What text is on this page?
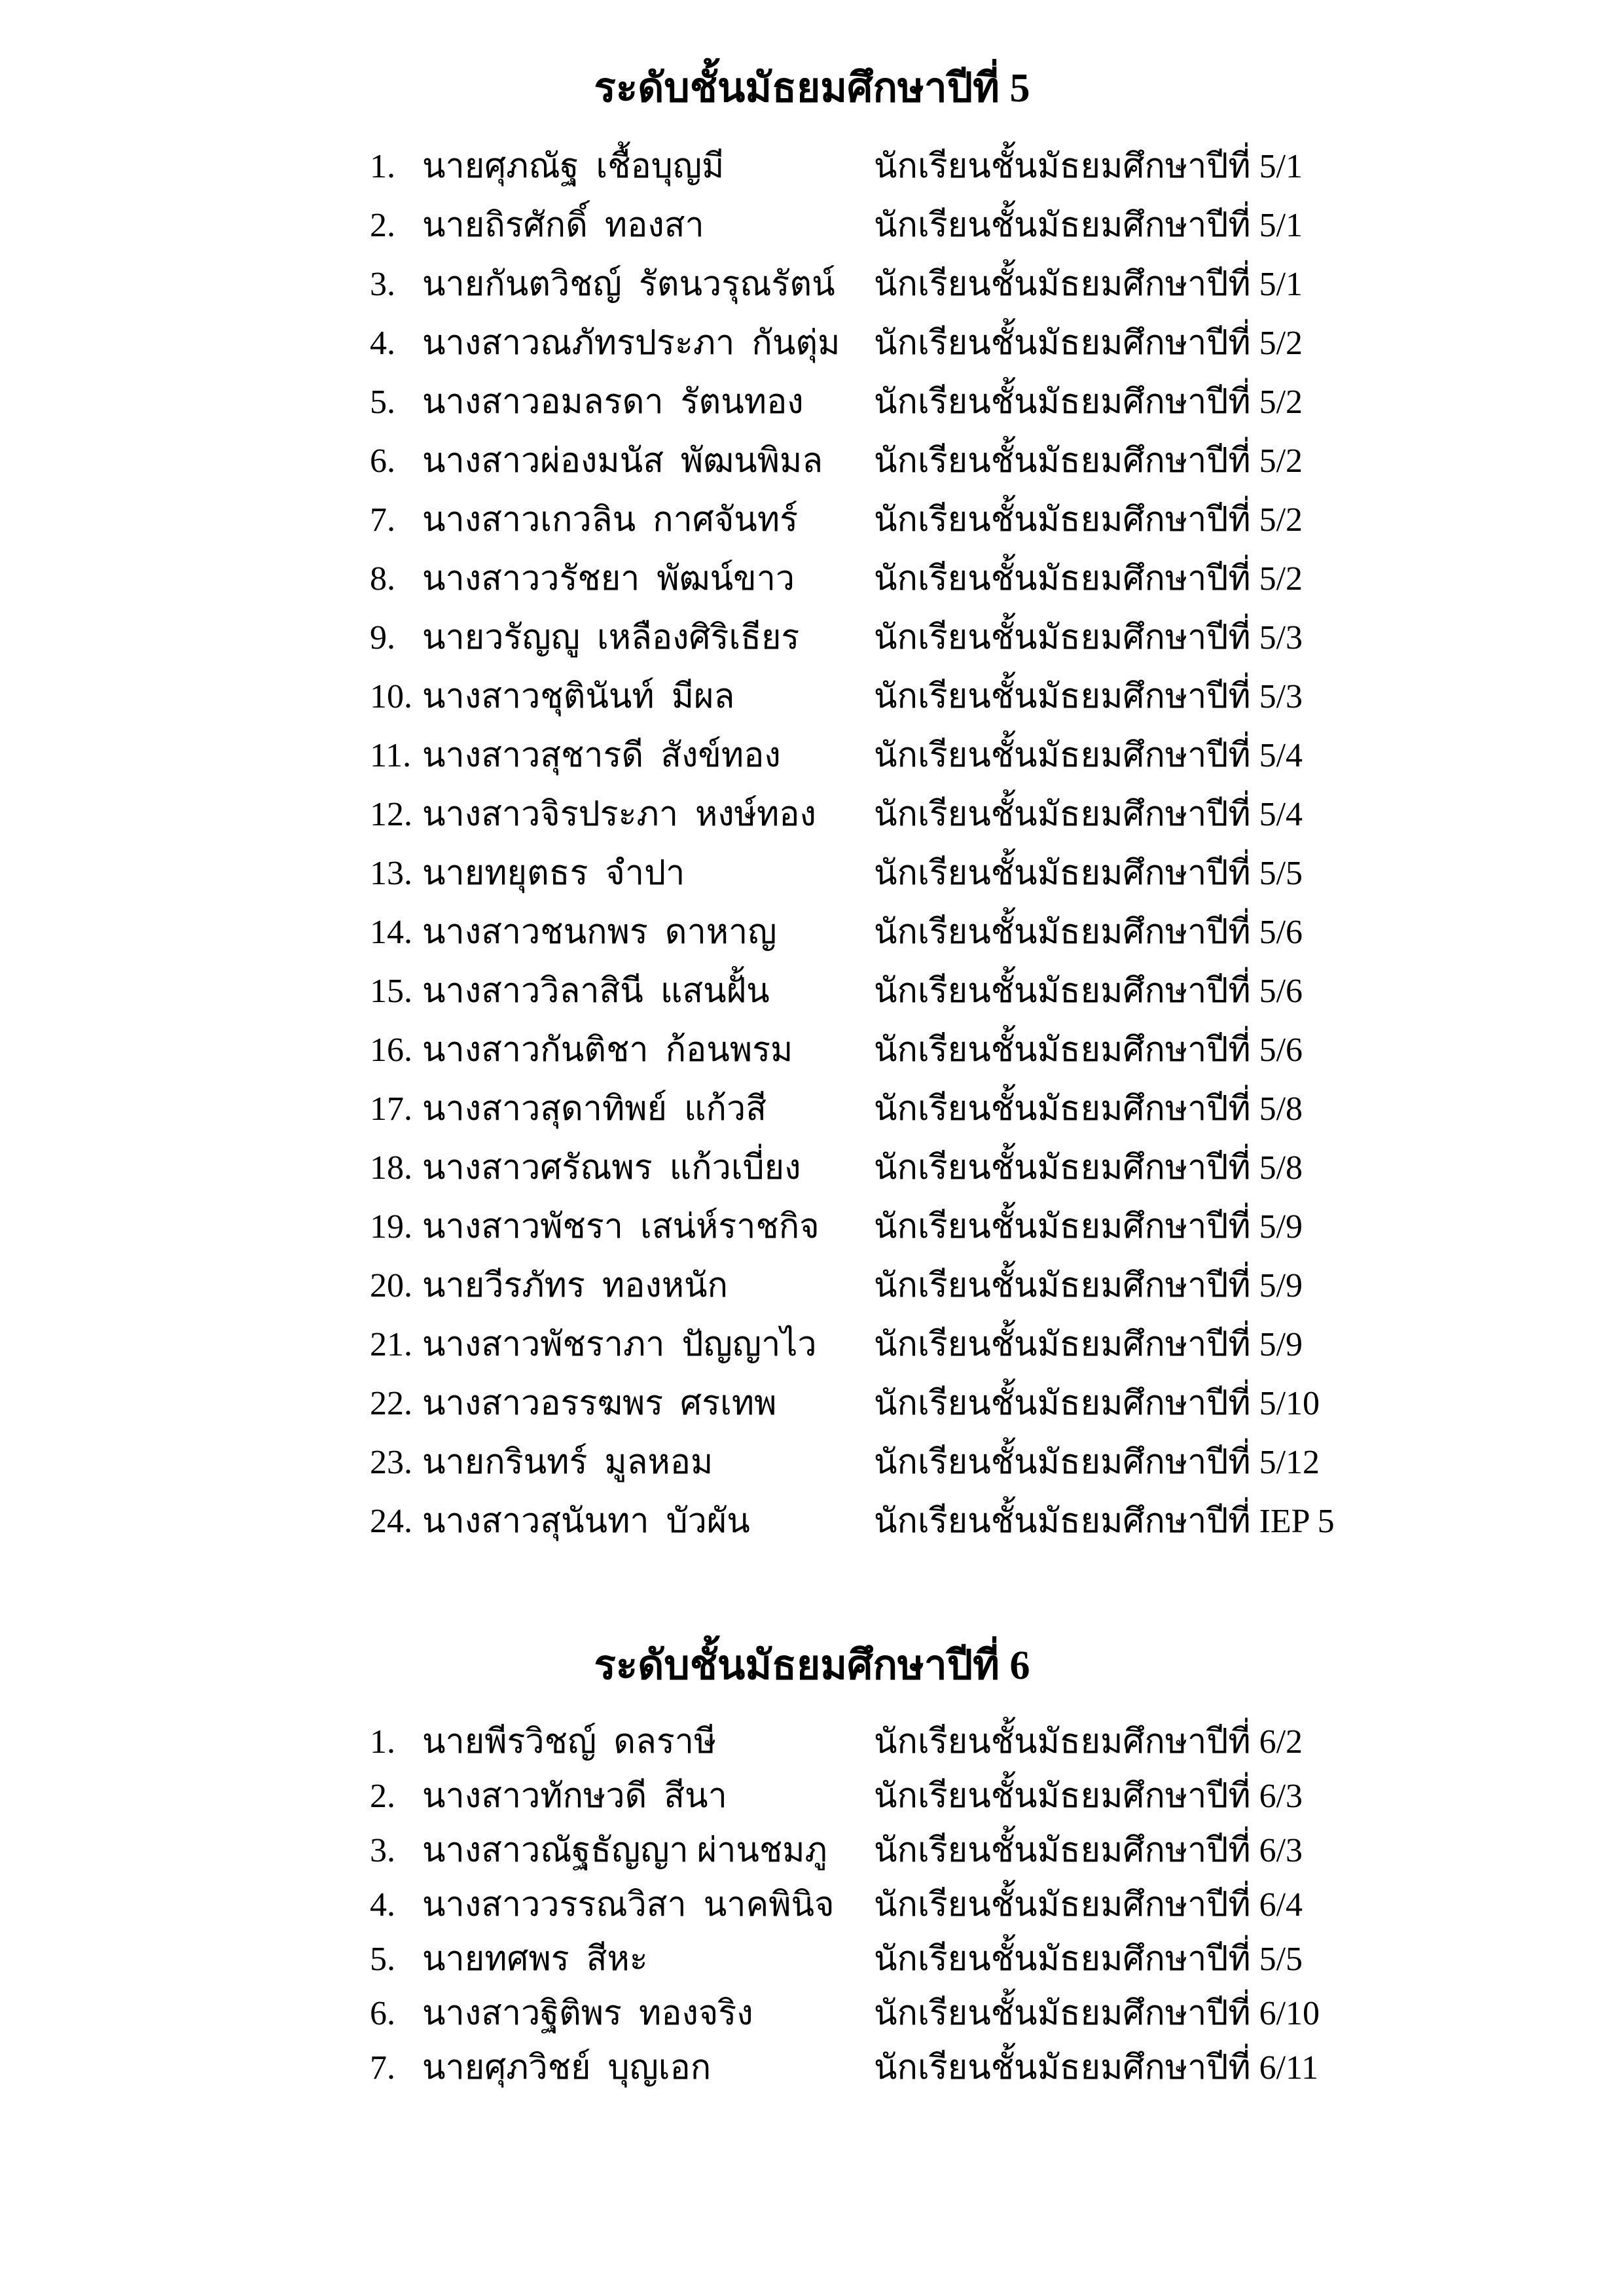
ระดับชั้นมัธยมศึกษาปีที่ 5
1. นายศุภณัฐ  เชื้อบุญมี	นักเรียนชั้นมัธยมศึกษาปีที่ 5/1
2. นายถิรศักดิ์  ทองสา	นักเรียนชั้นมัธยมศึกษาปีที่ 5/1
3. นายกันตวิชญ์  รัตนวรุณรัตน์	นักเรียนชั้นมัธยมศึกษาปีที่ 5/1
4. นางสาวณภัทรประภา  กันตุ่ม นักเรียนชั้นมัธยมศึกษาปีที่ 5/2
5. นางสาวอมลรดา  รัตนทอง	นักเรียนชั้นมัธยมศึกษาปีที่ 5/2
6. นางสาวผ่องมนัส  พัฒนพิมล	นักเรียนชั้นมัธยมศึกษาปีที่ 5/2
7. นางสาวเกวลิน  กาศจันทร์	นักเรียนชั้นมัธยมศึกษาปีที่ 5/2
8. นางสาววรัชยา  พัฒน์ขาว	นักเรียนชั้นมัธยมศึกษาปีที่ 5/2
9. นายวรัญญู  เหลืองศิริเธียร	นักเรียนชั้นมัธยมศึกษาปีที่ 5/3
10. นางสาวชุตินันท์  มีผล	นักเรียนชั้นมัธยมศึกษาปีที่ 5/3
11. นางสาวสุชารดี  สังข์ทอง	นักเรียนชั้นมัธยมศึกษาปีที่ 5/4
12. นางสาวจิรประภา  หงษ์ทอง	นักเรียนชั้นมัธยมศึกษาปีที่ 5/4
13. นายทยุตธร  จำปา	นักเรียนชั้นมัธยมศึกษาปีที่ 5/5
14. นางสาวชนกพร  ดาหาญ	นักเรียนชั้นมัธยมศึกษาปีที่ 5/6
15. นางสาววิลาสินี  แสนฝั้น	นักเรียนชั้นมัธยมศึกษาปีที่ 5/6
16. นางสาวกันติชา  ก้อนพรม	นักเรียนชั้นมัธยมศึกษาปีที่ 5/6
17. นางสาวสุดาทิพย์  แก้วสี	นักเรียนชั้นมัธยมศึกษาปีที่ 5/8
18. นางสาวศรัณพร  แก้วเบี่ยง	นักเรียนชั้นมัธยมศึกษาปีที่ 5/8
19. นางสาวพัชรา  เสน่ห์ราชกิจ	นักเรียนชั้นมัธยมศึกษาปีที่ 5/9
20. นายวีรภัทร  ทองหนัก	นักเรียนชั้นมัธยมศึกษาปีที่ 5/9
21. นางสาวพัชราภา  ปัญญาไว	นักเรียนชั้นมัธยมศึกษาปีที่ 5/9
22. นางสาวอรรฆพร  ศรเทพ	นักเรียนชั้นมัธยมศึกษาปีที่ 5/10
23. นายกรินทร์  มูลหอม	นักเรียนชั้นมัธยมศึกษาปีที่ 5/12
24. นางสาวสุนันทา  บัวผัน	นักเรียนชั้นมัธยมศึกษาปีที่ IEP 5
ระดับชั้นมัธยมศึกษาปีที่ 6
1. นายพีรวิชญ์  ดลราษี	นักเรียนชั้นมัธยมศึกษาปีที่ 6/2
2. นางสาวทักษวดี  สีนา	นักเรียนชั้นมัธยมศึกษาปีที่ 6/3
3. นางสาวณัฐธัญญา ผ่านชมภู	นักเรียนชั้นมัธยมศึกษาปีที่ 6/3
4. นางสาววรรณวิสา  นาคพินิจ	นักเรียนชั้นมัธยมศึกษาปีที่ 6/4
5. นายทศพร  สีหะ	นักเรียนชั้นมัธยมศึกษาปีที่ 5/5
6. นางสาวฐิติพร  ทองจริง	นักเรียนชั้นมัธยมศึกษาปีที่ 6/10
7. นายศุภวิชย์  บุญเอก	นักเรียนชั้นมัธยมศึกษาปีที่ 6/11
